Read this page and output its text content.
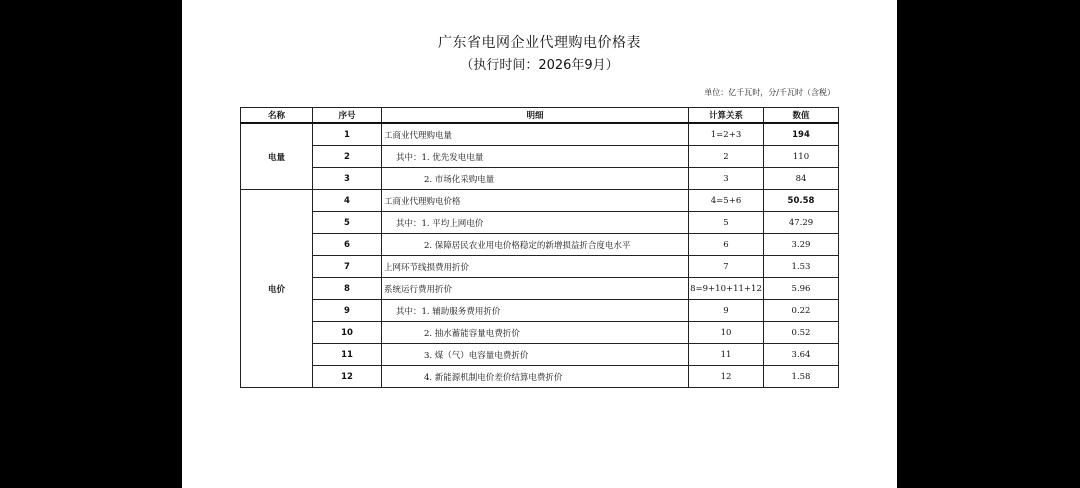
广东省电网企业代理购电价格表
（执行时间：2026年9月）
单位：亿千瓦时，分/千瓦时（含税）
名称	序号	明细	计算关系	数值
电量	1	工商业代理购电量	1=2+3	194
	2	其中：1. 优先发电电量	2	110
	3	2. 市场化采购电量	3	84
电价	4	工商业代理购电价格	4=5+6	50.58
	5	其中：1. 平均上网电价	5	47.29
	6	2. 保障居民农业用电价格稳定的新增损益折合度电水平	6	3.29
	7	上网环节线损费用折价	7	1.53
	8	系统运行费用折价	8=9+10+11+12	5.96
	9	其中：1. 辅助服务费用折价	9	0.22
	10	2. 抽水蓄能容量电费折价	10	0.52
	11	3. 煤（气）电容量电费折价	11	3.64
	12	4. 新能源机制电价差价结算电费折价	12	1.58
